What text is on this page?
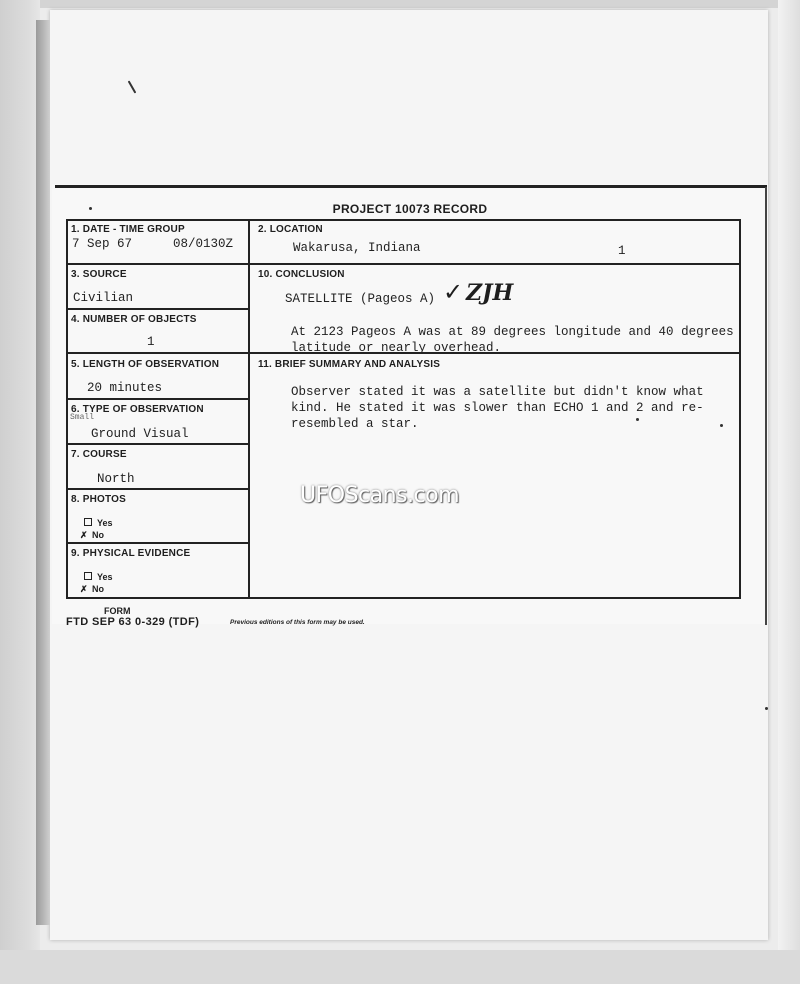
PROJECT 10073 RECORD
1. DATE - TIME GROUP
7 Sep 67	08/0130Z
2. LOCATION
Wakarusa, Indiana	1
3. SOURCE
Civilian
10. CONCLUSION
SATELLITE (Pageos A) ✓ ZJH
At 2123 Pageos A was at 89 degrees longitude and 40 degrees latitude or nearly overhead.
4. NUMBER OF OBJECTS
1
5. LENGTH OF OBSERVATION
20 minutes
11. BRIEF SUMMARY AND ANALYSIS
Observer stated it was a satellite but didn't know what kind. He stated it was slower than ECHO 1 and 2 and re-resembled a star.
6. TYPE OF OBSERVATION
Small
Ground Visual
7. COURSE
North
8. PHOTOS
Yes
✗ No
9. PHYSICAL EVIDENCE
Yes
✗ No
UFOScans.com
FORM
FTD SEP 63 0-329 (TDF)	Previous editions of this form may be used.
